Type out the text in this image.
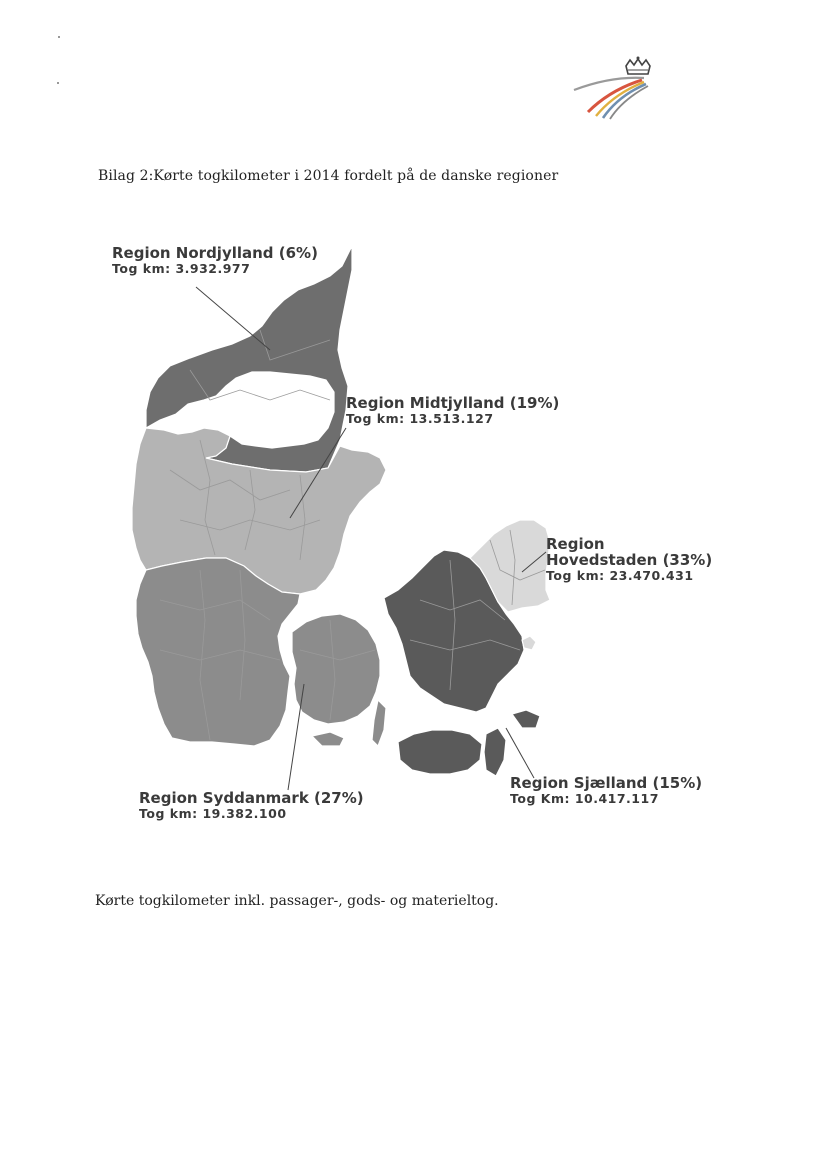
Bilag 2:Kørte togkilometer i 2014 fordelt på de danske regioner
Region Nordjylland (6%)
Tog km: 3.932.977
Region Midtjylland (19%)
Tog km: 13.513.127
Region
Hovedstaden (33%)
Tog km: 23.470.431
Region Syddanmark (27%)
Tog km: 19.382.100
Region Sjælland (15%)
Tog Km: 10.417.117
Kørte togkilometer inkl. passager-, gods- og materieltog.
